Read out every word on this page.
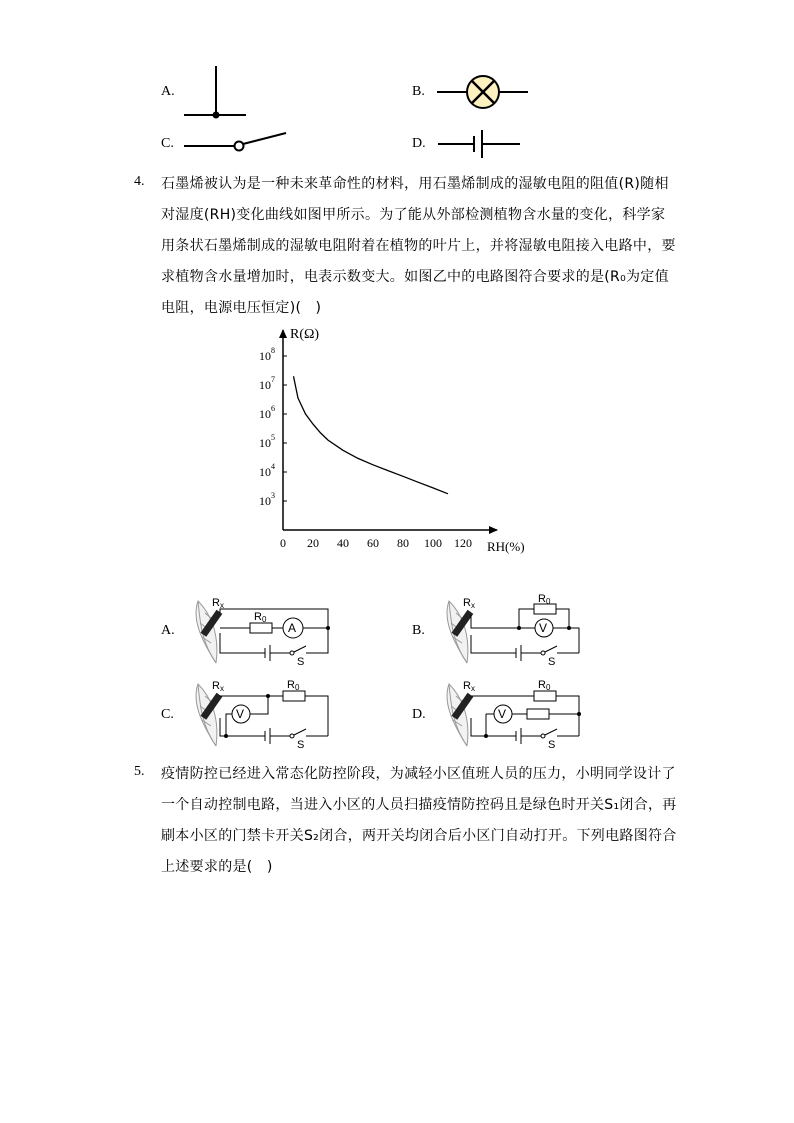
A.	B.
C.	D.
4. 石墨烯被认为是一种未来革命性的材料，用石墨烯制成的湿敏电阻的阻值(R)随相
对湿度(RH)变化曲线如图甲所示。为了能从外部检测植物含水量的变化，科学家
用条状石墨烯制成的湿敏电阻附着在植物的叶片上，并将湿敏电阻接入电路中，要
求植物含水量增加时，电表示数变大。如图乙中的电路图符合要求的是(R₀为定值
电阻，电源电压恒定)(　)
R(Ω)
RH(%)
0 20 40 60 80 100 120
$10^3$
$10^4$
$10^5$
$10^6$
$10^7$
$10^8$
A.
Rx
R0
A
S
B.
Rx
R0
V
S
C.
Rx	R0
V
S
D.
Rx	R0
V
S
5. 疫情防控已经进入常态化防控阶段，为减轻小区值班人员的压力，小明同学设计了
一个自动控制电路，当进入小区的人员扫描疫情防控码且是绿色时开关S₁闭合，再
刷本小区的门禁卡开关S₂闭合，两开关均闭合后小区门自动打开。下列电路图符合
上述要求的是(　)
